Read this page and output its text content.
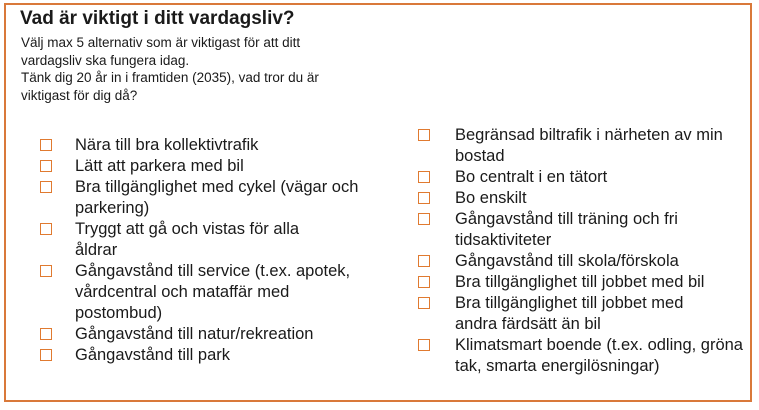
Vad är viktigt i ditt vardagsliv?

Välj max 5 alternativ som är viktigast för att ditt

vardagsliv ska fungera idag.

Tänk dig 20 år in i framtiden (2035), vad tror du är

viktigast för dig då?

Nära till bra kollektivtrafik
Lätt att parkera med bil
Bra tillgänglighet med cykel (vägar och parkering)
Tryggt att gå och vistas för alla åldrar
Gångavstånd till service (t.ex. apotek, vårdcentral och mataffär med postombud)
Gångavstånd till natur/rekreation
Gångavstånd till park
Begränsad biltrafik i närheten av min bostad
Bo centralt i en tätort
Bo enskilt
Gångavstånd till träning och fri tidsaktiviteter
Gångavstånd till skola/förskola
Bra tillgänglighet till jobbet med bil
Bra tillgänglighet till jobbet med andra färdsätt än bil
Klimatsmart boende (t.ex. odling, gröna tak, smarta energilösningar)
